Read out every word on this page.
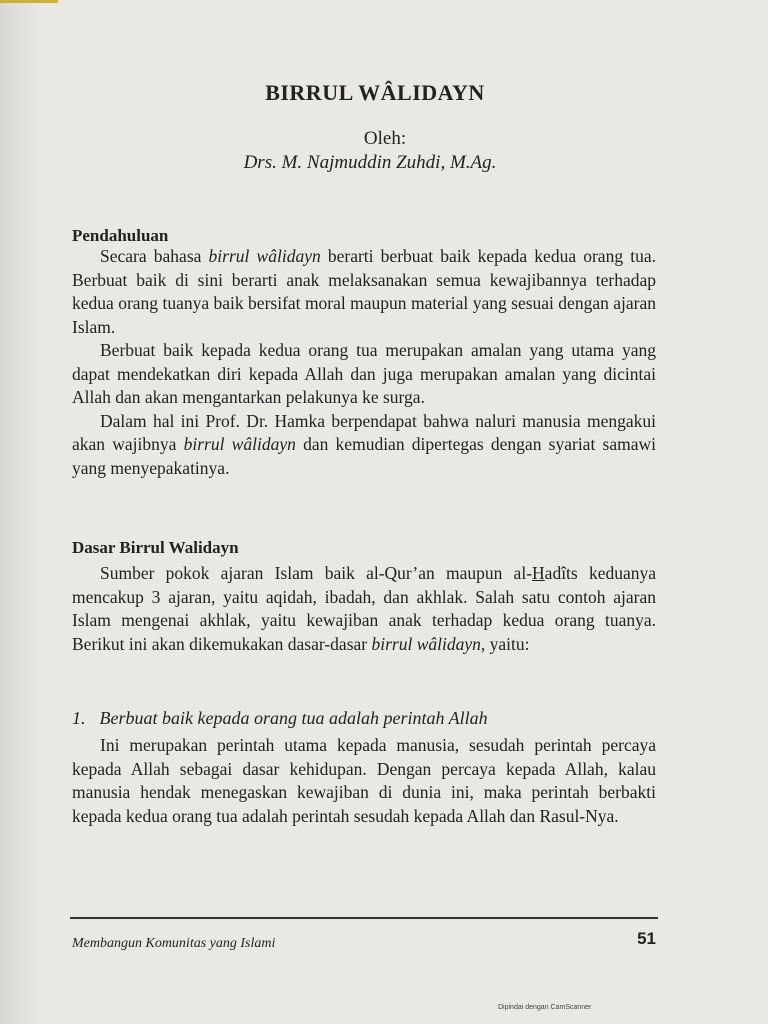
BIRRUL WÂLIDAYN
Oleh:
Drs. M. Najmuddin Zuhdi, M.Ag.
Pendahuluan

Secara bahasa birrul wâlidayn berarti berbuat baik kepada kedua orang tua. Berbuat baik di sini berarti anak melaksanakan semua kewajibannya terhadap kedua orang tuanya baik bersifat moral maupun material yang sesuai dengan ajaran Islam.

Berbuat baik kepada kedua orang tua merupakan amalan yang utama yang dapat mendekatkan diri kepada Allah dan juga merupakan amalan yang dicintai Allah dan akan mengantarkan pelakunya ke surga.

Dalam hal ini Prof. Dr. Hamka berpendapat bahwa naluri manusia mengakui akan wajibnya birrul wâlidayn dan kemudian dipertegas dengan syariat samawi yang menyepakatinya.

Dasar Birrul Walidayn

Sumber pokok ajaran Islam baik al-Qur’an maupun al-Hadîts keduanya mencakup 3 ajaran, yaitu aqidah, ibadah, dan akhlak. Salah satu contoh ajaran Islam mengenai akhlak, yaitu kewajiban anak terhadap kedua orang tuanya. Berikut ini akan dikemukakan dasar-dasar birrul wâlidayn, yaitu:

1. Berbuat baik kepada orang tua adalah perintah Allah

Ini merupakan perintah utama kepada manusia, sesudah perintah percaya kepada Allah sebagai dasar kehidupan. Dengan percaya kepada Allah, kalau manusia hendak menegaskan kewajiban di dunia ini, maka perintah berbakti kepada kedua orang tua adalah perintah sesudah kepada Allah dan Rasul-Nya.

Membangun Komunitas yang Islami	51
Dipindai dengan CamScanner
